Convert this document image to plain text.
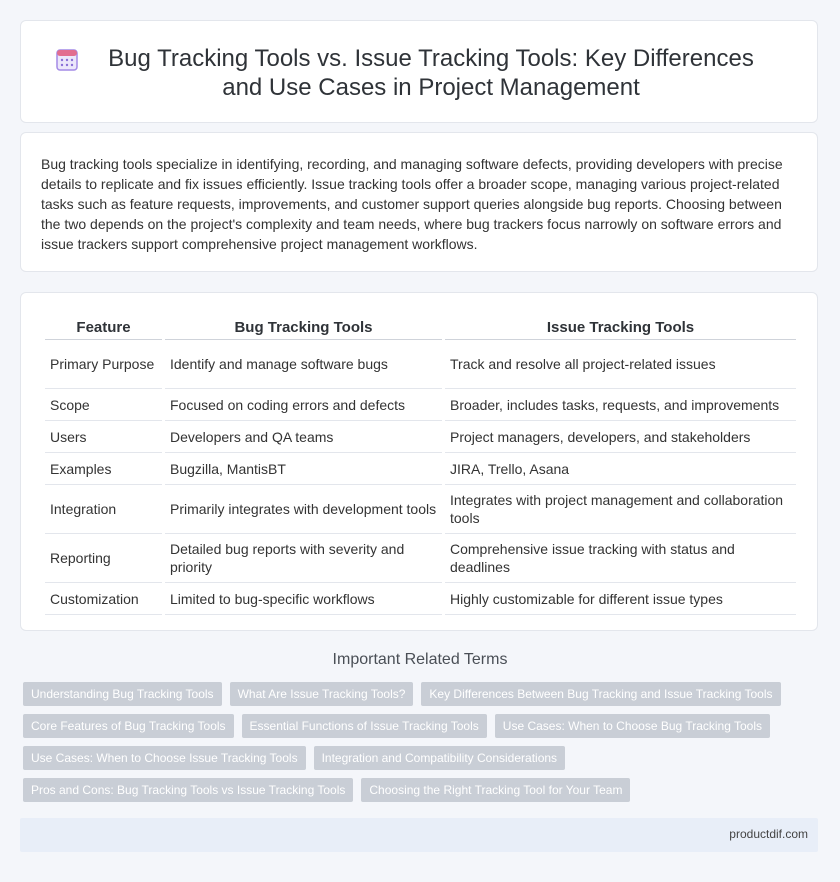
Bug Tracking Tools vs. Issue Tracking Tools: Key Differences and Use Cases in Project Management
Bug tracking tools specialize in identifying, recording, and managing software defects, providing developers with precise details to replicate and fix issues efficiently. Issue tracking tools offer a broader scope, managing various project-related tasks such as feature requests, improvements, and customer support queries alongside bug reports. Choosing between the two depends on the project's complexity and team needs, where bug trackers focus narrowly on software errors and issue trackers support comprehensive project management workflows.
Feature	Bug Tracking Tools	Issue Tracking Tools
Primary Purpose	Identify and manage software bugs	Track and resolve all project-related issues
Scope	Focused on coding errors and defects	Broader, includes tasks, requests, and improvements
Users	Developers and QA teams	Project managers, developers, and stakeholders
Examples	Bugzilla, MantisBT	JIRA, Trello, Asana
Integration	Primarily integrates with development tools	Integrates with project management and collaboration tools
Reporting	Detailed bug reports with severity and priority	Comprehensive issue tracking with status and deadlines
Customization	Limited to bug-specific workflows	Highly customizable for different issue types
Important Related Terms
Understanding Bug Tracking Tools	What Are Issue Tracking Tools?	Key Differences Between Bug Tracking and Issue Tracking Tools
Core Features of Bug Tracking Tools	Essential Functions of Issue Tracking Tools	Use Cases: When to Choose Bug Tracking Tools
Use Cases: When to Choose Issue Tracking Tools	Integration and Compatibility Considerations
Pros and Cons: Bug Tracking Tools vs Issue Tracking Tools	Choosing the Right Tracking Tool for Your Team
productdif.com
